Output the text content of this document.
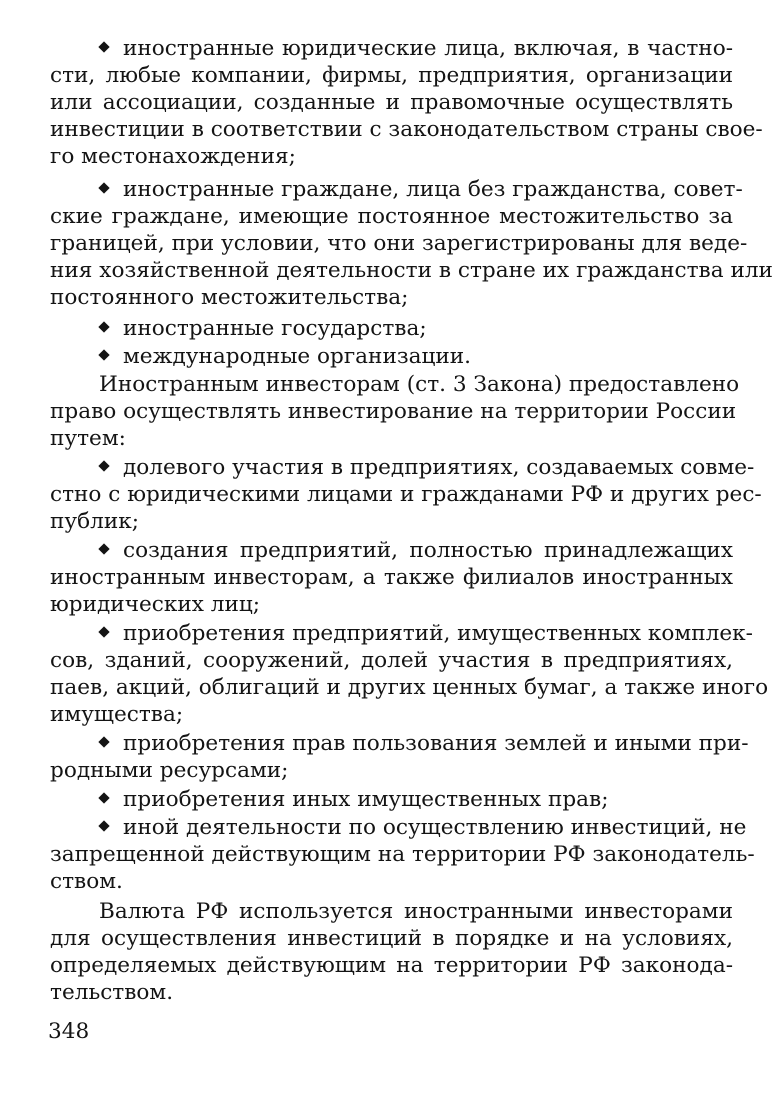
иностранные юридические лица, включая, в частно-
сти, любые компании, фирмы, предприятия, организации
или ассоциации, созданные и правомочные осуществлять
инвестиции в соответствии с законодательством страны свое-
го местонахождения;
иностранные граждане, лица без гражданства, совет-
ские граждане, имеющие постоянное местожительство за
границей, при условии, что они зарегистрированы для веде-
ния хозяйственной деятельности в стране их гражданства или
постоянного местожительства;
иностранные государства;
международные организации.
Иностранным инвесторам (ст. 3 Закона) предоставлено
право осуществлять инвестирование на территории России
путем:
долевого участия в предприятиях, создаваемых совме-
стно с юридическими лицами и гражданами РФ и других рес-
публик;
создания предприятий, полностью принадлежащих
иностранным инвесторам, а также филиалов иностранных
юридических лиц;
приобретения предприятий, имущественных комплек-
сов, зданий, сооружений, долей участия в предприятиях,
паев, акций, облигаций и других ценных бумаг, а также иного
имущества;
приобретения прав пользования землей и иными при-
родными ресурсами;
приобретения иных имущественных прав;
иной деятельности по осуществлению инвестиций, не
запрещенной действующим на территории РФ законодатель-
ством.
Валюта РФ используется иностранными инвесторами
для осуществления инвестиций в порядке и на условиях,
определяемых действующим на территории РФ законода-
тельством.
348
